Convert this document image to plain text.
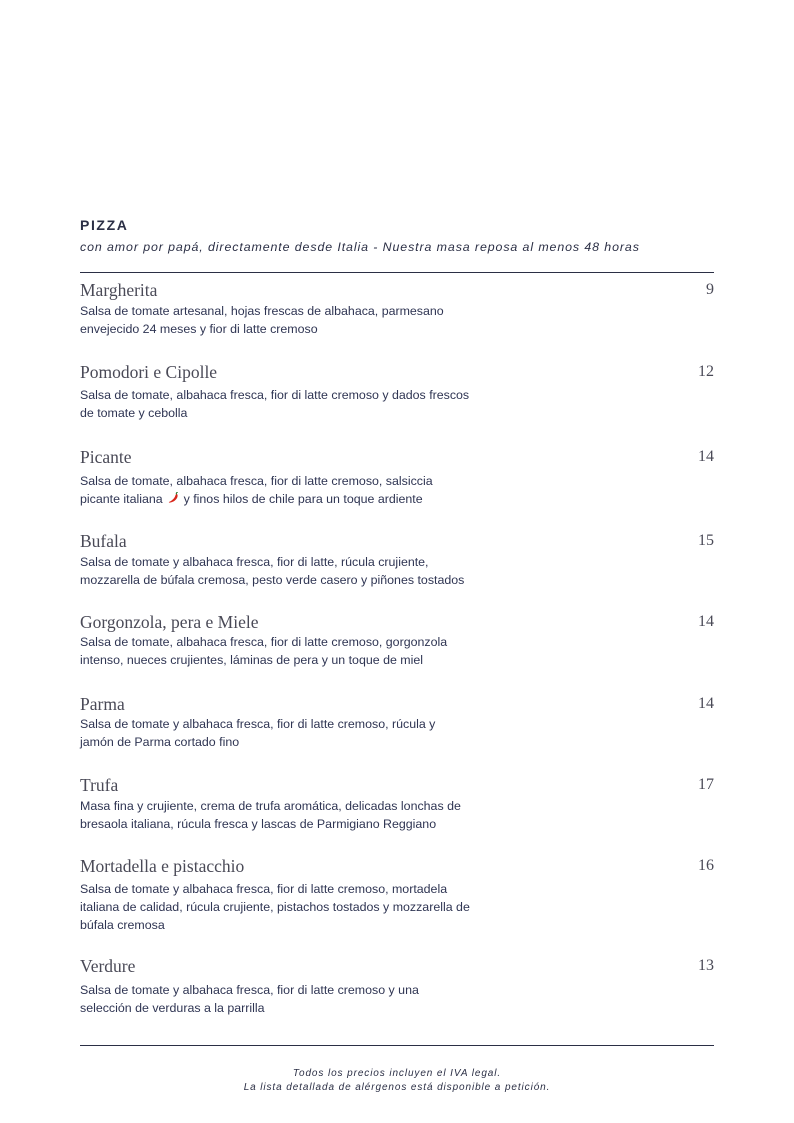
PIZZA
con amor por papá, directamente desde Italia - Nuestra masa reposa al menos 48 horas
Margherita	9
Salsa de tomate artesanal, hojas frescas de albahaca, parmesano
envejecido 24 meses y fior di latte cremoso
Pomodori e Cipolle	12
Salsa de tomate, albahaca fresca, fior di latte cremoso y dados frescos
de tomate y cebolla
Picante	14
Salsa de tomate, albahaca fresca, fior di latte cremoso, salsiccia
picante italiana y finos hilos de chile para un toque ardiente
Bufala	15
Salsa de tomate y albahaca fresca, fior di latte, rúcula crujiente,
mozzarella de búfala cremosa, pesto verde casero y piñones tostados
Gorgonzola, pera e Miele	14
Salsa de tomate, albahaca fresca, fior di latte cremoso, gorgonzola
intenso, nueces crujientes, láminas de pera y un toque de miel
Parma	14
Salsa de tomate y albahaca fresca, fior di latte cremoso, rúcula y
jamón de Parma cortado fino
Trufa	17
Masa fina y crujiente, crema de trufa aromática, delicadas lonchas de
bresaola italiana, rúcula fresca y lascas de Parmigiano Reggiano
Mortadella e pistacchio	16
Salsa de tomate y albahaca fresca, fior di latte cremoso, mortadela
italiana de calidad, rúcula crujiente, pistachos tostados y mozzarella de
búfala cremosa
Verdure	13
Salsa de tomate y albahaca fresca, fior di latte cremoso y una
selección de verduras a la parrilla
Todos los precios incluyen el IVA legal.
La lista detallada de alérgenos está disponible a petición.
